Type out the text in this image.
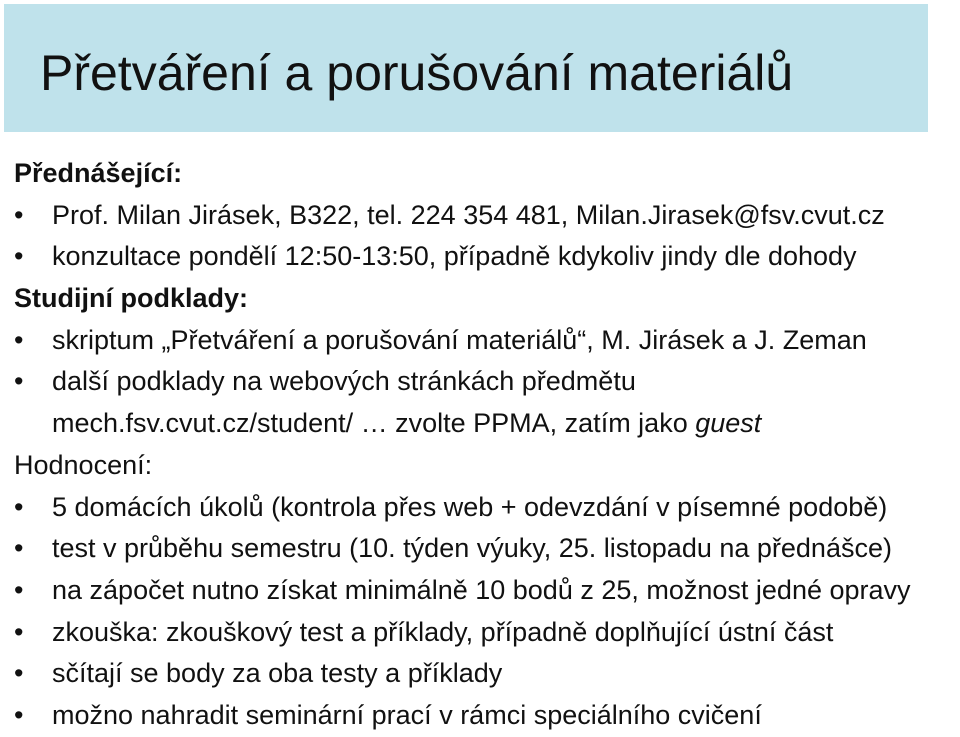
Přetváření a porušování materiálů
Přednášející:
• Prof. Milan Jirásek, B322, tel. 224 354 481, Milan.Jirasek@fsv.cvut.cz
• konzultace pondělí 12:50-13:50, případně kdykoliv jindy dle dohody
Studijní podklady:
• skriptum „Přetváření a porušování materiálů“, M. Jirásek a J. Zeman
• další podklady na webových stránkách předmětu
mech.fsv.cvut.cz/student/ … zvolte PPMA, zatím jako guest
Hodnocení:
• 5 domácích úkolů (kontrola přes web + odevzdání v písemné podobě)
• test v průběhu semestru (10. týden výuky, 25. listopadu na přednášce)
• na zápočet nutno získat minimálně 10 bodů z 25, možnost jedné opravy
• zkouška: zkouškový test a příklady, případně doplňující ústní část
• sčítají se body za oba testy a příklady
• možno nahradit seminární prací v rámci speciálního cvičení
